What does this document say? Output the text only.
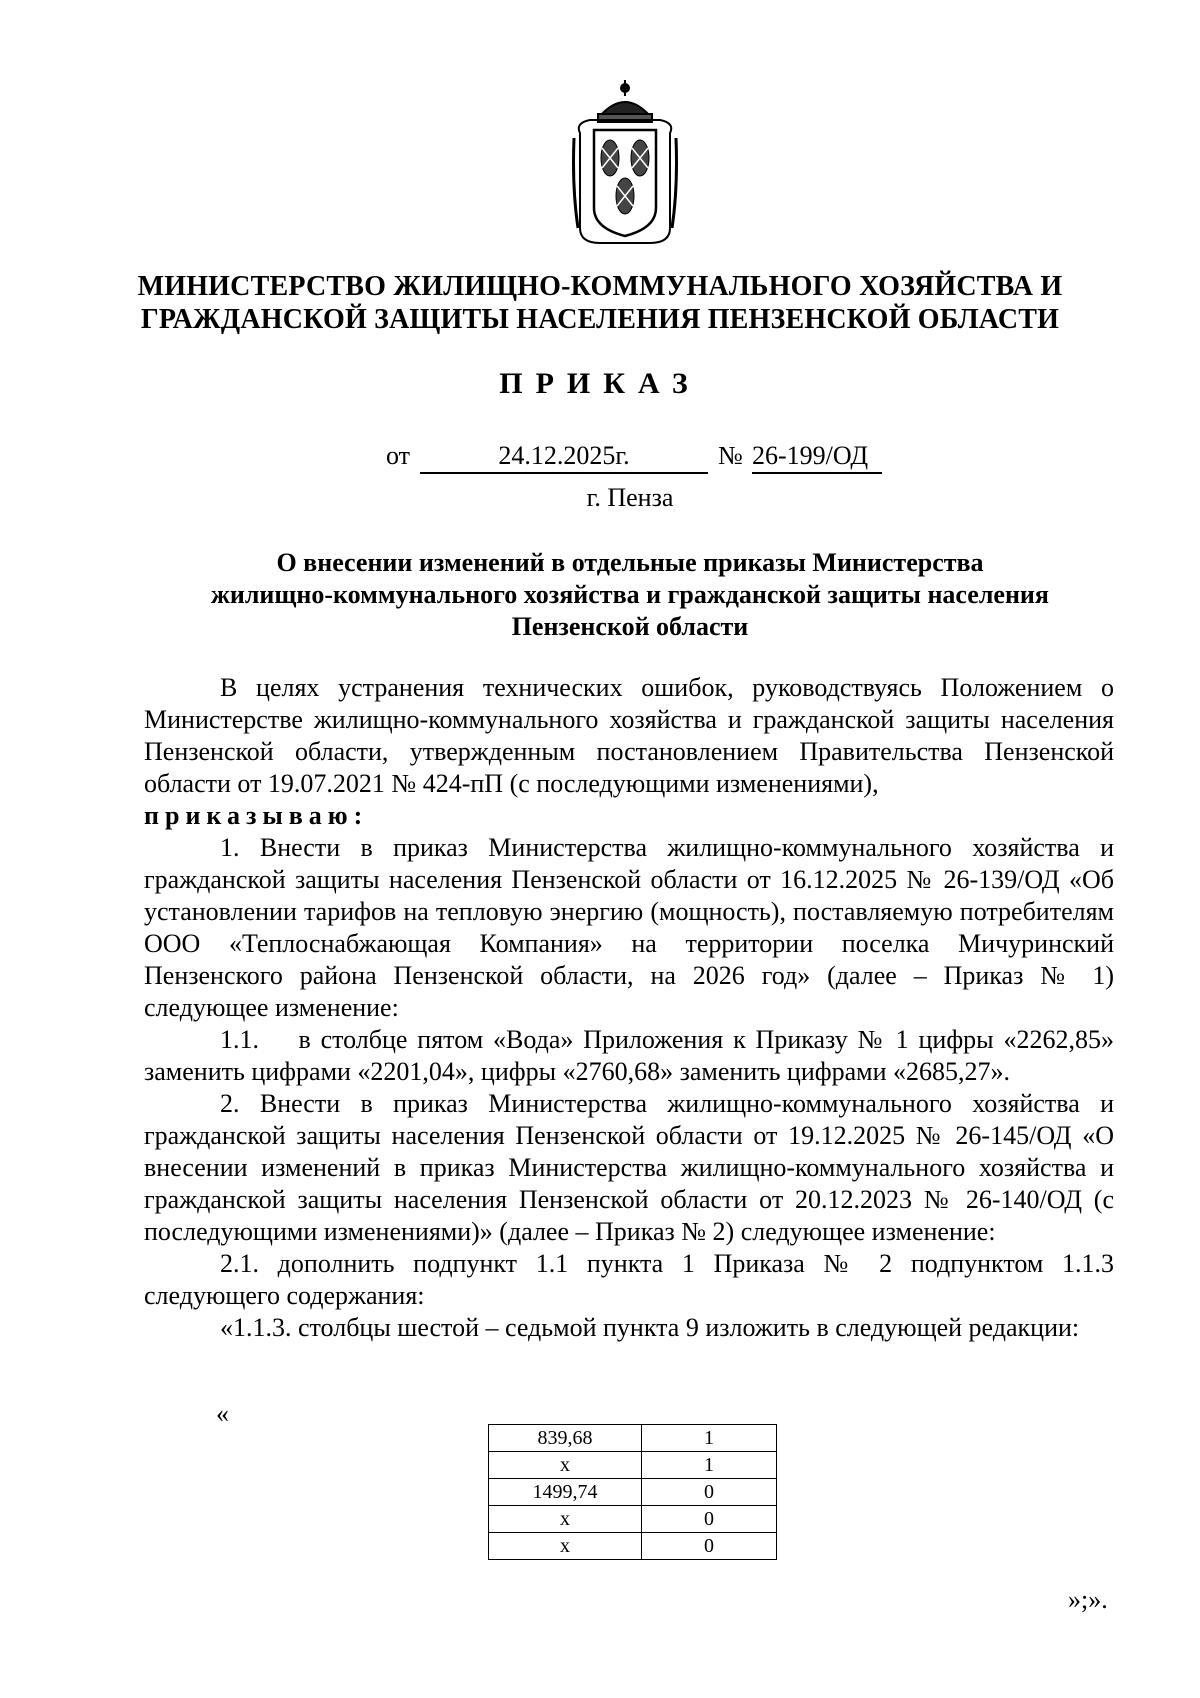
МИНИСТЕРСТВО ЖИЛИЩНО-КОММУНАЛЬНОГО ХОЗЯЙСТВА И
ГРАЖДАНСКОЙ ЗАЩИТЫ НАСЕЛЕНИЯ ПЕНЗЕНСКОЙ ОБЛАСТИ
ПРИКАЗ
от	24.12.2025г.	№ 26-199/ОД
г. Пенза
О внесении изменений в отдельные приказы Министерства
жилищно-коммунального хозяйства и гражданской защиты населения
Пензенской области

В целях устранения технических ошибок, руководствуясь Положением о Министерстве жилищно-коммунального хозяйства и гражданской защиты населения Пензенской области, утвержденным постановлением Правительства Пензенской области от 19.07.2021 № 424-пП (с последующими изменениями),

приказываю:

1. Внести в приказ Министерства жилищно-коммунального хозяйства и гражданской защиты населения Пензенской области от 16.12.2025 № 26-139/ОД «Об установлении тарифов на тепловую энергию (мощность), поставляемую потребителям ООО «Теплоснабжающая Компания» на территории поселка Мичуринский Пензенского района Пензенской области, на 2026 год» (далее – Приказ № 1) следующее изменение:

1.1.    в столбце пятом «Вода» Приложения к Приказу № 1 цифры «2262,85» заменить цифрами «2201,04», цифры «2760,68» заменить цифрами «2685,27».

2. Внести в приказ Министерства жилищно-коммунального хозяйства и гражданской защиты населения Пензенской области от 19.12.2025 № 26-145/ОД «О внесении изменений в приказ Министерства жилищно-коммунального хозяйства и гражданской защиты населения Пензенской области от 20.12.2023 № 26-140/ОД (с последующими изменениями)» (далее – Приказ № 2) следующее изменение:

2.1. дополнить подпункт 1.1 пункта 1 Приказа № 2 подпунктом 1.1.3 следующего содержания:

«1.1.3. столбцы шестой – седьмой пункта 9 изложить в следующей редакции:

«
839,68	1
х	1
1499,74	0
х	0
х	0
»;».
